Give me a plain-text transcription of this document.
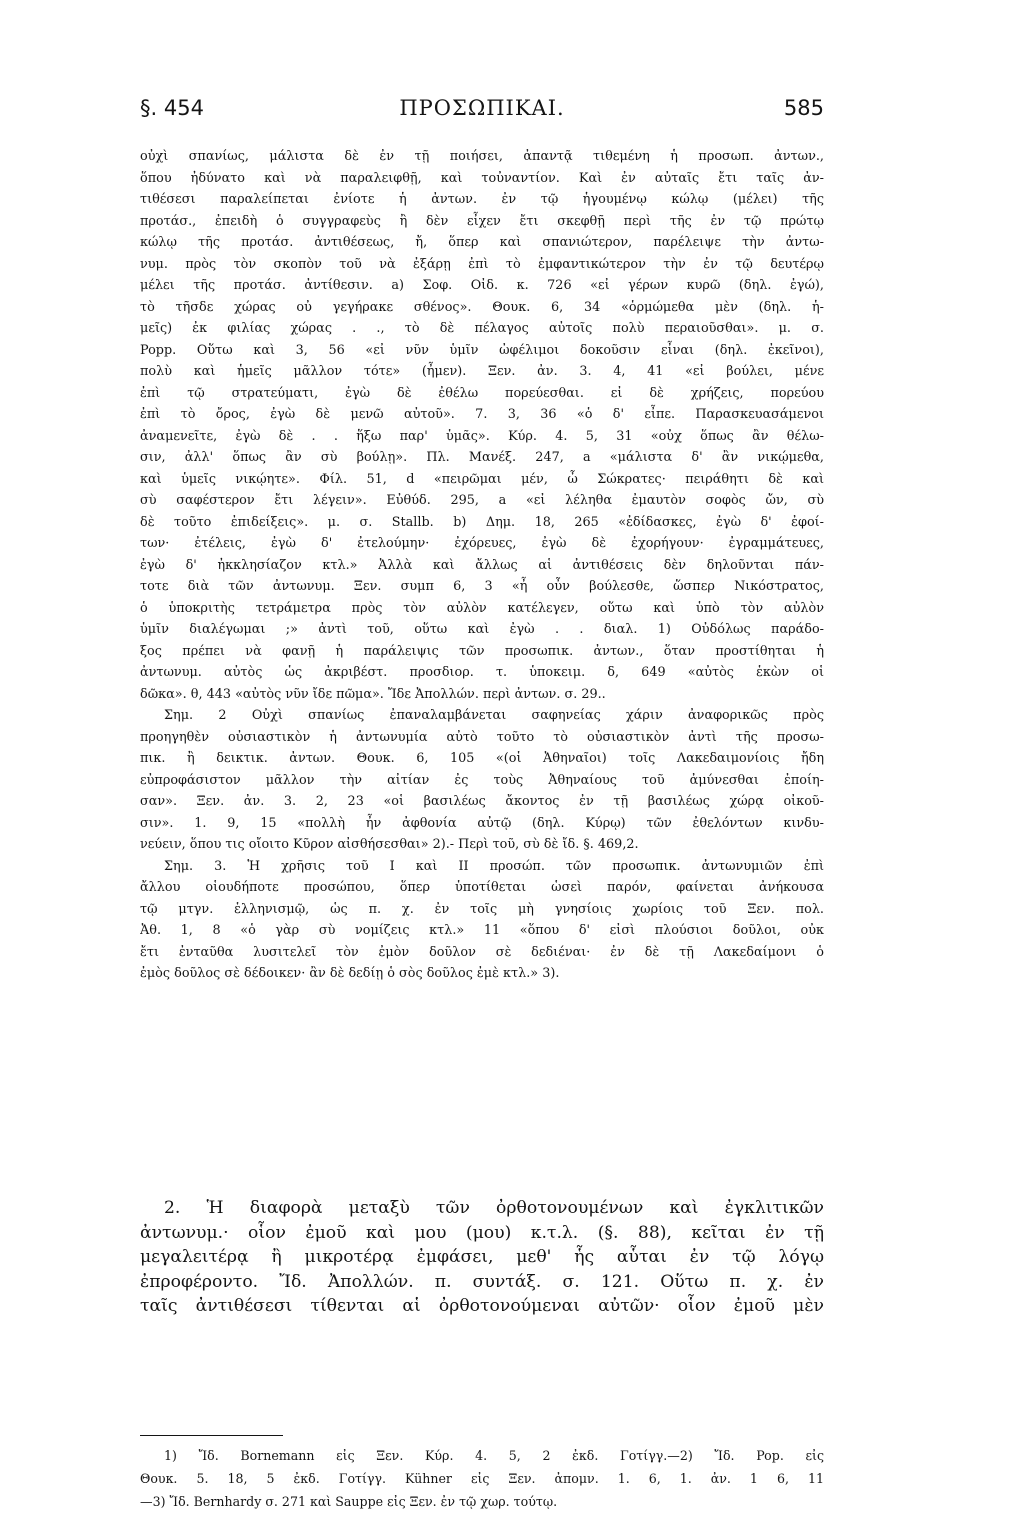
§. 454	ΠΡΟΣΩΠΙΚΑΙ.	585
οὐχὶ σπανίως, μάλιστα δὲ ἐν τῇ ποιήσει, ἀπαντᾷ τιθεμένη ἡ προσωπ. ἀντων.,
ὅπου ἠδύνατο καὶ νὰ παραλειφθῇ, καὶ τοὐναντίον. Καὶ ἐν αὐταῖς ἔτι ταῖς ἀν-
τιθέσεσι παραλείπεται ἐνίοτε ἡ ἀντων. ἐν τῷ ἡγουμένῳ κώλῳ (μέλει) τῆς
προτάσ., ἐπειδὴ ὁ συγγραφεὺς ἢ δὲν εἶχεν ἔτι σκεφθῇ περὶ τῆς ἐν τῷ πρώτῳ
κώλῳ τῆς προτάσ. ἀντιθέσεως, ἤ, ὅπερ καὶ σπανιώτερον, παρέλειψε τὴν ἀντω-
νυμ. πρὸς τὸν σκοπὸν τοῦ νὰ ἐξάρῃ ἐπὶ τὸ ἐμφαντικώτερον τὴν ἐν τῷ δευτέρῳ
μέλει τῆς προτάσ. ἀντίθεσιν. a) Σοφ. Οἰδ. κ. 726 «εἰ γέρων κυρῶ (δηλ. ἐγώ),
τὸ τῆσδε χώρας οὐ γεγήρακε σθένος». Θουκ. 6, 34 «ὁρμώμεθα μὲν (δηλ. ἡ-
μεῖς) ἐκ φιλίας χώρας . ., τὸ δὲ πέλαγος αὐτοῖς πολὺ περαιοῦσθαι». μ. σ.
Popp. Οὕτω καὶ 3, 56 «εἰ νῦν ὑμῖν ὠφέλιμοι δοκοῦσιν εἶναι (δηλ. ἐκεῖνοι),
πολὺ καὶ ἡμεῖς μᾶλλον τότε» (ἦμεν). Ξεν. ἀν. 3. 4, 41 «εἰ βούλει, μένε
ἐπὶ τῷ στρατεύματι, ἐγὼ δὲ ἐθέλω πορεύεσθαι. εἰ δὲ χρήζεις, πορεύου
ἐπὶ τὸ ὄρος, ἐγὼ δὲ μενῶ αὐτοῦ». 7. 3, 36 «ὁ δ' εἶπε. Παρασκευασάμενοι
ἀναμενεῖτε, ἐγὼ δὲ . . ἥξω παρ' ὑμᾶς». Κύρ. 4. 5, 31 «οὐχ ὅπως ἂν θέλω-
σιν, ἀλλ' ὅπως ἂν σὺ βούλῃ». Πλ. Μανέξ. 247, a «μάλιστα δ' ἂν νικῴμεθα,
καὶ ὑμεῖς νικῴητε». Φίλ. 51, d «πειρῶμαι μέν, ὦ Σώκρατες· πειράθητι δὲ καὶ
σὺ σαφέστερον ἔτι λέγειν». Εὐθύδ. 295, a «εἰ λέληθα ἐμαυτὸν σοφὸς ὤν, σὺ
δὲ τοῦτο ἐπιδείξεις». μ. σ. Stallb. b) Δημ. 18, 265 «ἐδίδασκες, ἐγὼ δ' ἐφοί-
των· ἐτέλεις, ἐγὼ δ' ἐτελούμην· ἐχόρευες, ἐγὼ δὲ ἐχορήγουν· ἐγραμμάτευες,
ἐγὼ δ' ἠκκλησίαζον κτλ.» Ἀλλὰ καὶ ἄλλως αἱ ἀντιθέσεις δὲν δηλοῦνται πάν-
τοτε διὰ τῶν ἀντωνυμ. Ξεν. συμπ 6, 3 «ἦ οὖν βούλεσθε, ὥσπερ Νικόστρατος,
ὁ ὑποκριτὴς τετράμετρα πρὸς τὸν αὐλὸν κατέλεγεν, οὕτω καὶ ὑπὸ τὸν αὐλὸν
ὑμῖν διαλέγωμαι ;» ἀντὶ τοῦ, οὕτω καὶ ἐγὼ . . διαλ. 1) Οὐδόλως παράδο-
ξος πρέπει νὰ φανῇ ἡ παράλειψις τῶν προσωπικ. ἀντων., ὅταν προστίθηται ἡ
ἀντωνυμ. αὐτὸς ὡς ἀκριβέστ. προσδιορ. τ. ὑποκειμ. δ, 649 «αὐτὸς ἑκὼν οἱ
δῶκα». θ, 443 «αὐτὸς νῦν ἴδε πῶμα». Ἴδε Ἀπολλών. περὶ ἀντων. σ. 29..
Σημ. 2 Οὐχὶ σπανίως ἐπαναλαμβάνεται σαφηνείας χάριν ἀναφορικῶς πρὸς
προηγηθὲν οὐσιαστικὸν ἡ ἀντωνυμία αὐτὸ τοῦτο τὸ οὐσιαστικὸν ἀντὶ τῆς προσω-
πικ. ἢ δεικτικ. ἀντων. Θουκ. 6, 105 «(οἱ Ἀθηναῖοι) τοῖς Λακεδαιμονίοις ἤδη
εὐπροφάσιστον μᾶλλον τὴν αἰτίαν ἐς τοὺς Ἀθηναίους τοῦ ἀμύνεσθαι ἐποίη-
σαν». Ξεν. ἀν. 3. 2, 23 «οἱ βασιλέως ἄκοντος ἐν τῇ βασιλέως χώρᾳ οἰκοῦ-
σιν». 1. 9, 15 «πολλὴ ἦν ἀφθονία αὐτῷ (δηλ. Κύρῳ) τῶν ἐθελόντων κινδυ-
νεύειν, ὅπου τις οἴοιτο Κῦρον αἰσθήσεσθαι» 2).- Περὶ τοῦ, σὺ δὲ ἴδ. §. 469,2.
Σημ. 3. Ἡ χρῆσις τοῦ I καὶ II προσώπ. τῶν προσωπικ. ἀντωνυμιῶν ἐπὶ
ἄλλου οἱουδήποτε προσώπου, ὅπερ ὑποτίθεται ὡσεὶ παρόν, φαίνεται ἀνήκουσα
τῷ μτγν. ἑλληνισμῷ, ὡς π. χ. ἐν τοῖς μὴ γνησίοις χωρίοις τοῦ Ξεν. πολ.
Ἀθ. 1, 8 «ὁ γὰρ σὺ νομίζεις κτλ.» 11 «ὅπου δ' εἰσὶ πλούσιοι δοῦλοι, οὐκ
ἔτι ἐνταῦθα λυσιτελεῖ τὸν ἐμὸν δοῦλον σὲ δεδιέναι· ἐν δὲ τῇ Λακεδαίμονι ὁ
ἐμὸς δοῦλος σὲ δέδοικεν· ἂν δὲ δεδίῃ ὁ σὸς δοῦλος ἐμὲ κτλ.» 3).
2. Ἡ διαφορὰ μεταξὺ τῶν ὀρθοτονουμένων καὶ ἐγκλιτικῶν
ἀντωνυμ.· οἷον ἐμοῦ καὶ μου (μου) κ.τ.λ. (§. 88), κεῖται ἐν τῇ
μεγαλειτέρᾳ ἢ μικροτέρᾳ ἐμφάσει, μεθ' ἧς αὗται ἐν τῷ λόγῳ
ἐπροφέροντο. Ἴδ. Ἀπολλών. π. συντάξ. σ. 121. Οὕτω π. χ. ἐν
ταῖς ἀντιθέσεσι τίθενται αἱ ὀρθοτονούμεναι αὐτῶν· οἷον ἐμοῦ μὲν
1) Ἴδ. Bornemann εἰς Ξεν. Κύρ. 4. 5, 2 ἐκδ. Γοτίγγ.—2) Ἴδ. Pop. εἰς
Θουκ. 5. 18, 5 ἐκδ. Γοτίγγ. Kühner εἰς Ξεν. ἀπομν. 1. 6, 1. ἀν. 1 6, 11
—3) Ἴδ. Bernhardy σ. 271 καὶ Sauppe εἰς Ξεν. ἐν τῷ χωρ. τούτῳ.
